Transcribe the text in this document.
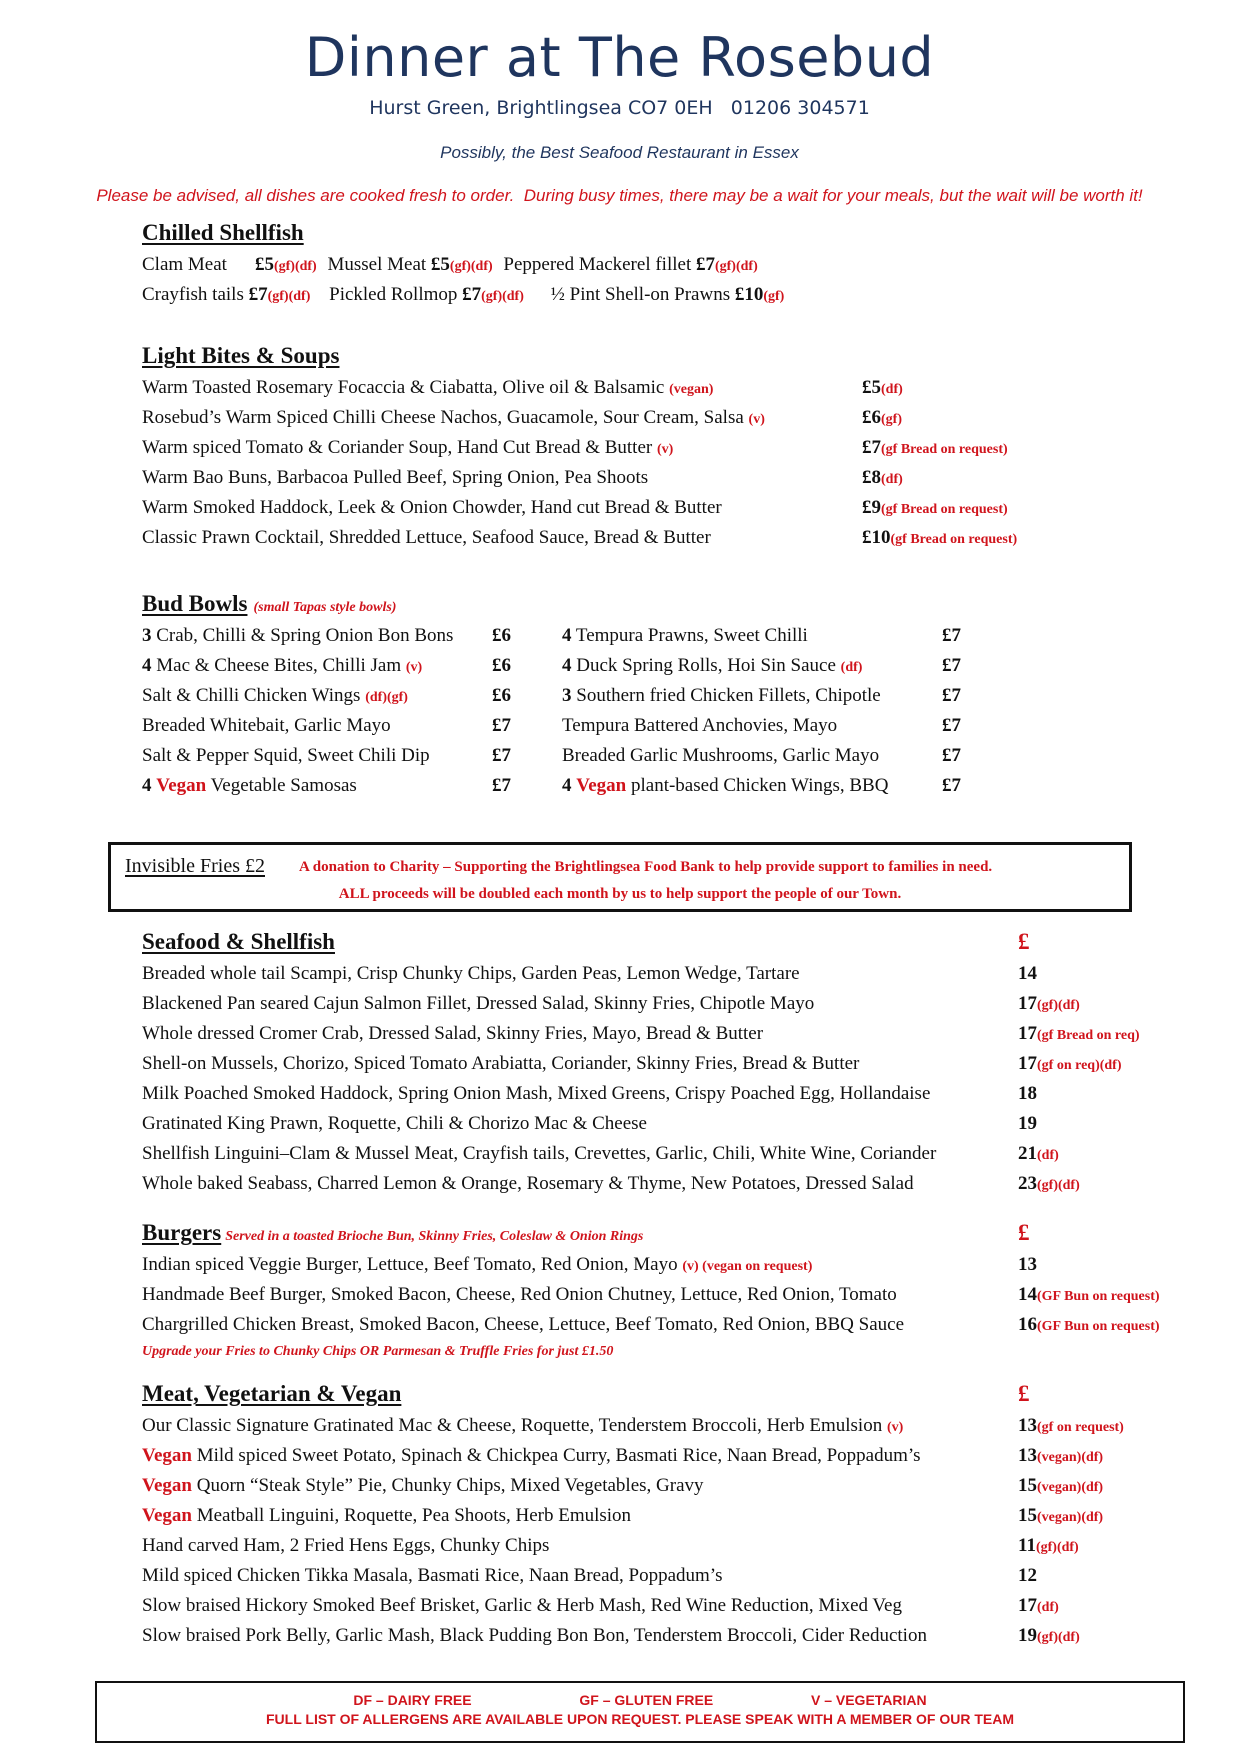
Dinner at The Rosebud
Hurst Green, Brightlingsea CO7 0EH   01206 304571
Possibly, the Best Seafood Restaurant in Essex
Please be advised, all dishes are cooked fresh to order.  During busy times, there may be a wait for your meals, but the wait will be worth it!
Chilled Shellfish
Clam Meat £5(gf)(df) Mussel Meat £5(gf)(df) Peppered Mackerel fillet £7(gf)(df)
Crayfish tails £7(gf)(df) Pickled Rollmop £7(gf)(df) ½ Pint Shell-on Prawns £10(gf)
Light Bites & Soups
Warm Toasted Rosemary Focaccia & Ciabatta, Olive oil & Balsamic (vegan)	£5(df)
Rosebud’s Warm Spiced Chilli Cheese Nachos, Guacamole, Sour Cream, Salsa (v)	£6(gf)
Warm spiced Tomato & Coriander Soup, Hand Cut Bread & Butter (v)	£7(gf Bread on request)
Warm Bao Buns, Barbacoa Pulled Beef, Spring Onion, Pea Shoots	£8(df)
Warm Smoked Haddock, Leek & Onion Chowder, Hand cut Bread & Butter	£9(gf Bread on request)
Classic Prawn Cocktail, Shredded Lettuce, Seafood Sauce, Bread & Butter	£10(gf Bread on request)
Bud Bowls (small Tapas style bowls)
3 Crab, Chilli & Spring Onion Bon Bons £6	4 Tempura Prawns, Sweet Chilli	£7
4 Mac & Cheese Bites, Chilli Jam (v)	£6	4 Duck Spring Rolls, Hoi Sin Sauce (df)	£7
Salt & Chilli Chicken Wings (df)(gf)	£6	3 Southern fried Chicken Fillets, Chipotle	£7
Breaded Whitebait, Garlic Mayo	£7	Tempura Battered Anchovies, Mayo	£7
Salt & Pepper Squid, Sweet Chili Dip	£7	Breaded Garlic Mushrooms, Garlic Mayo	£7
4 Vegan Vegetable Samosas	£7	4 Vegan plant-based Chicken Wings, BBQ	£7
Invisible Fries £2 A donation to Charity – Supporting the Brightlingsea Food Bank to help provide support to families in need.
ALL proceeds will be doubled each month by us to help support the people of our Town.
Seafood & Shellfish	£
Breaded whole tail Scampi, Crisp Chunky Chips, Garden Peas, Lemon Wedge, Tartare	14
Blackened Pan seared Cajun Salmon Fillet, Dressed Salad, Skinny Fries, Chipotle Mayo	17(gf)(df)
Whole dressed Cromer Crab, Dressed Salad, Skinny Fries, Mayo, Bread & Butter	17(gf Bread on req)
Shell-on Mussels, Chorizo, Spiced Tomato Arabiatta, Coriander, Skinny Fries, Bread & Butter	17(gf on req)(df)
Milk Poached Smoked Haddock, Spring Onion Mash, Mixed Greens, Crispy Poached Egg, Hollandaise	18
Gratinated King Prawn, Roquette, Chili & Chorizo Mac & Cheese	19
Shellfish Linguini–Clam & Mussel Meat, Crayfish tails, Crevettes, Garlic, Chili, White Wine, Coriander	21(df)
Whole baked Seabass, Charred Lemon & Orange, Rosemary & Thyme, New Potatoes, Dressed Salad	23(gf)(df)
Burgers Served in a toasted Brioche Bun, Skinny Fries, Coleslaw & Onion Rings	£
Indian spiced Veggie Burger, Lettuce, Beef Tomato, Red Onion, Mayo (v) (vegan on request)	13
Handmade Beef Burger, Smoked Bacon, Cheese, Red Onion Chutney, Lettuce, Red Onion, Tomato	14(GF Bun on request)
Chargrilled Chicken Breast, Smoked Bacon, Cheese, Lettuce, Beef Tomato, Red Onion, BBQ Sauce	16(GF Bun on request)
Upgrade your Fries to Chunky Chips OR Parmesan & Truffle Fries for just £1.50
Meat, Vegetarian & Vegan	£
Our Classic Signature Gratinated Mac & Cheese, Roquette, Tenderstem Broccoli, Herb Emulsion (v)	13(gf on request)
Vegan Mild spiced Sweet Potato, Spinach & Chickpea Curry, Basmati Rice, Naan Bread, Poppadum’s	13(vegan)(df)
Vegan Quorn “Steak Style” Pie, Chunky Chips, Mixed Vegetables, Gravy	15(vegan)(df)
Vegan Meatball Linguini, Roquette, Pea Shoots, Herb Emulsion	15(vegan)(df)
Hand carved Ham, 2 Fried Hens Eggs, Chunky Chips	11(gf)(df)
Mild spiced Chicken Tikka Masala, Basmati Rice, Naan Bread, Poppadum’s	12
Slow braised Hickory Smoked Beef Brisket, Garlic & Herb Mash, Red Wine Reduction, Mixed Veg	17(df)
Slow braised Pork Belly, Garlic Mash, Black Pudding Bon Bon, Tenderstem Broccoli, Cider Reduction	19(gf)(df)
DF – DAIRY FREE	GF – GLUTEN FREE	V – VEGETARIAN
FULL LIST OF ALLERGENS ARE AVAILABLE UPON REQUEST. PLEASE SPEAK WITH A MEMBER OF OUR TEAM
